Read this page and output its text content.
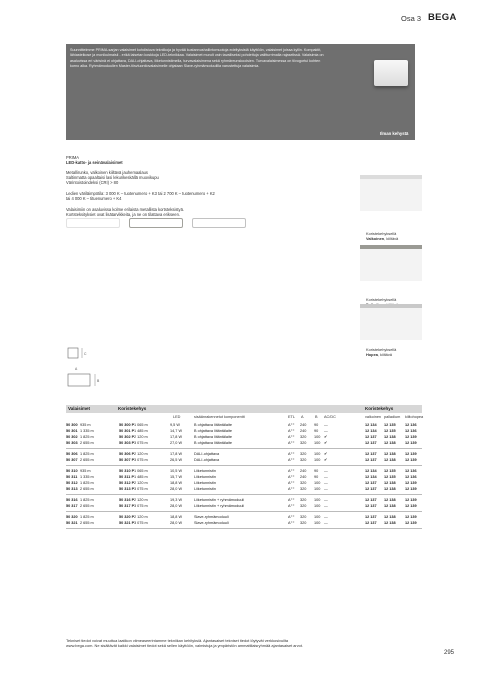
Osa 3 BEGA
Suunnittelmme PRIMA-sarjan valaisimet kohdistuva tekniikoja ja hyvää kustannushallintomuotoja edeltyksistä käyttöön, valaisimet joissa kyllin. Kompaktit, lähiasteikose ja monikulmaisii - erikä laisetan koskkoja LED-teknikkaa. Valaisimet murult vain tavalliseksi pohdettuja valitturrimalla rajaselissä. Valaisimia on asaluvissa eri värisinä ei ohjattava, DALI-ohjattava, liiketunnistimella, turvavalaisimena sekä ryhmäreunskoolsien. Turvavalaisimessa on tiivogortui kohten korno alka. Ryhmämoduulien Master-tiisvluontiovalaisimelle ohjataan Slave-ryhmämoduulilla varustettuja valaisimia.
Ilman kehystä
PRIMA
LED-katto- ja seinävalaisimet
Metallirunko, valkoinen kiiltävä jauhemaalaus
Saltinmatta opaaltaisi lasi lekurikeskällä muovikupu
Värintoistoindeksi (CRI) > 80
Ledien väriläimpötila: 3 000 K – tuotenumero + K3 tai 2 700 K – tuotenumero + K2
tai 4 000 K – tituenumero + K4
Valaisimiin on asaluvissa kolme erilaista metallista kortsteksistyä.
Kortsteksityksiet ovat lisätarvikkeita, ja ne on tilattava erikseen.
Koristekehyksellä
Valkoinen, kiiltävä
Koristekehyksellä
Koristekehyksellä
Hopea, kiiltävä
C
A
B
Valaisimet	Koristekehys	Koristekehys
LED	sisäänrakennetut komponentit	ETL A	B AC/DC	valkoinen palladium kiiltohopea
50 300 935 m	50 300 P 1 065 m	9,5 W	B ohjattava liitäntälaite	A⁺⁺ 240 90 —	12 134 12 135 12 136
50 301 1 335 m	50 301 P 1 485 m	14,7 W	B ohjattava liitäntälaite	A⁺⁺ 240 90 —	12 134 12 135 12 136
50 302 1 825 m	50 302 P 2 120 m	17,8 W	B ohjattava liitäntälaite	A⁺⁺ 320 100 ✔	12 137 12 138 12 139
50 303 2 655 m	50 303 P 3 075 m	27,0 W	B ohjattava liitäntälaite	A⁺⁺ 320 100 ✔	12 137 12 138 12 139
50 306 1 825 m	50 306 P 2 120 m	17,8 W	DALI-ohjattava	A⁺⁺ 320 100 ✔	12 137 12 138 12 139
50 307 2 655 m	50 307 P 3 075 m	26,5 W	DALI-ohjattava	A⁺⁺ 320 100 ✔	12 137 12 138 12 139
50 310 935 m	50 310 P 1 065 m	10,5 W	Liiketunnistin	A⁺⁺ 240 90 —	12 134 12 135 12 136
50 311 1 335 m	50 311 P 1 485 m	15,7 W	Liiketunnistin	A⁺⁺ 240 90 —	12 134 12 135 12 136
50 312 1 825 m	50 312 P 2 120 m	18,8 W	Liiketunnistin	A⁺⁺ 320 100 —	12 137 12 138 12 139
50 313 2 655 m	50 313 P 3 075 m	28,0 W	Liiketunnistin	A⁺⁺ 320 100 —	12 137 12 138 12 139
50 316 1 825 m	50 316 P 2 120 m	19,3 W	Liiketunnistin + ryhmämoduuli	A⁺⁺ 320 100 —	12 137 12 138 12 139
50 317 2 655 m	50 317 P 3 075 m	28,0 W	Liiketunnistin + ryhmämoduuli	A⁺⁺ 320 100 —	12 137 12 138 12 139
50 320 1 825 m	50 320 P 2 120 m	18,8 W	Slave-ryhmämoduuli	A⁺⁺ 320 100 —	12 137 12 138 12 139
50 321 2 655 m	50 321 P 3 075 m	28,0 W	Slave-ryhmämoduuli	A⁺⁺ 320 100 —	12 137 12 138 12 139
Tekniset tiedot voivat muuttua laatikon viimeaseerintamme tekniikan kehityksiä. Ajantasaiset tekniset tiedot löytyvät verkkosivuilta www.bega.com. Ne sisältävät kaikki valaisimet tiedot sekä sellen käyttöön, valmistuja ja ympäristön ammattilaisryhmää ajantasaiset arvot.
295
